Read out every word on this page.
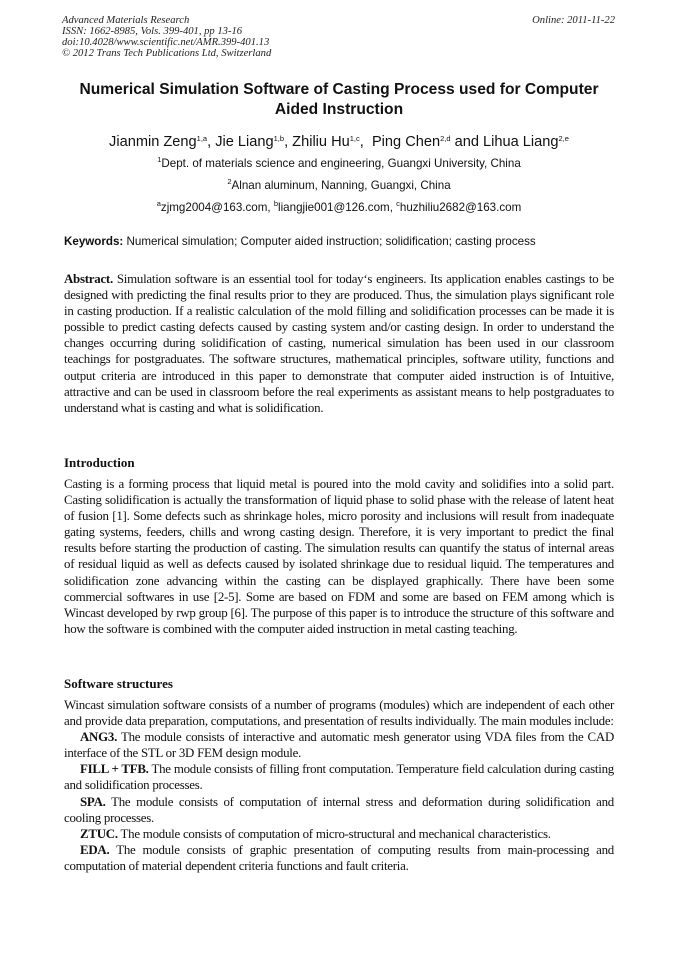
Advanced Materials Research
ISSN: 1662-8985, Vols. 399-401, pp 13-16
doi:10.4028/www.scientific.net/AMR.399-401.13
© 2012 Trans Tech Publications Ltd, Switzerland
Online: 2011-11-22
Numerical Simulation Software of Casting Process used for Computer Aided Instruction
Jianmin Zeng$^{1,a}$, Jie Liang$^{1,b}$, Zhiliu Hu$^{1,c}$,  Ping Chen$^{2,d}$ and Lihua Liang$^{2,e}$
$^1$Dept. of materials science and engineering, Guangxi University, China
$^2$Alnan aluminum, Nanning, Guangxi, China
$^a$zjmg2004@163.com, $^b$liangjie001@126.com, $^c$huzhiliu2682@163.com
Keywords: Numerical simulation; Computer aided instruction; solidification; casting process
Abstract. Simulation software is an essential tool for today‘s engineers. Its application enables castings to be designed with predicting the final results prior to they are produced. Thus, the simulation plays significant role in casting production. If a realistic calculation of the mold filling and solidification processes can be made it is possible to predict casting defects caused by casting system and/or casting design. In order to understand the changes occurring during solidification of casting, numerical simulation has been used in our classroom teachings for postgraduates. The software structures, mathematical principles, software utility, functions and output criteria are introduced in this paper to demonstrate that computer aided instruction is of Intuitive, attractive and can be used in classroom before the real experiments as assistant means to help postgraduates to understand what is casting and what is solidification.
Introduction
Casting is a forming process that liquid metal is poured into the mold cavity and solidifies into a solid part. Casting solidification is actually the transformation of liquid phase to solid phase with the release of latent heat of fusion [1]. Some defects such as shrinkage holes, micro porosity and inclusions will result from inadequate gating systems, feeders, chills and wrong casting design. Therefore, it is very important to predict the final results before starting the production of casting. The simulation results can quantify the status of internal areas of residual liquid as well as defects caused by isolated shrinkage due to residual liquid. The temperatures and solidification zone advancing within the casting can be displayed graphically. There have been some commercial softwares in use [2-5]. Some are based on FDM and some are based on FEM among which is Wincast developed by rwp group [6]. The purpose of this paper is to introduce the structure of this software and how the software is combined with the computer aided instruction in metal casting teaching.
Software structures
Wincast simulation software consists of a number of programs (modules) which are independent of each other and provide data preparation, computations, and presentation of results individually. The main modules include:
ANG3. The module consists of interactive and automatic mesh generator using VDA files from the CAD interface of the STL or 3D FEM design module.
FILL + TFB. The module consists of filling front computation. Temperature field calculation during casting and solidification processes.
SPA. The module consists of computation of internal stress and deformation during solidification and cooling processes.
ZTUC. The module consists of computation of micro-structural and mechanical characteristics.
EDA. The module consists of graphic presentation of computing results from main-processing and computation of material dependent criteria functions and fault criteria.
